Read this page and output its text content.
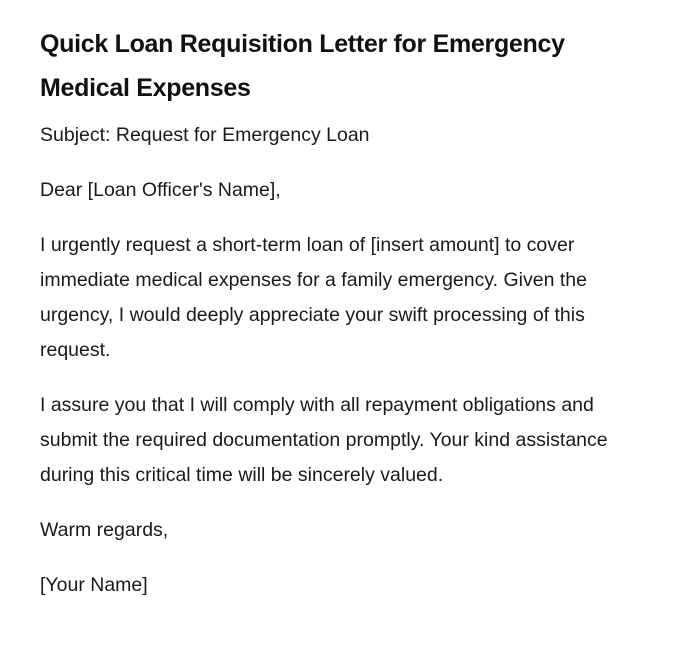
Quick Loan Requisition Letter for Emergency Medical Expenses

Subject: Request for Emergency Loan

Dear [Loan Officer's Name],

I urgently request a short-term loan of [insert amount] to cover immediate medical expenses for a family emergency. Given the urgency, I would deeply appreciate your swift processing of this request.

I assure you that I will comply with all repayment obligations and submit the required documentation promptly. Your kind assistance during this critical time will be sincerely valued.

Warm regards,

[Your Name]
